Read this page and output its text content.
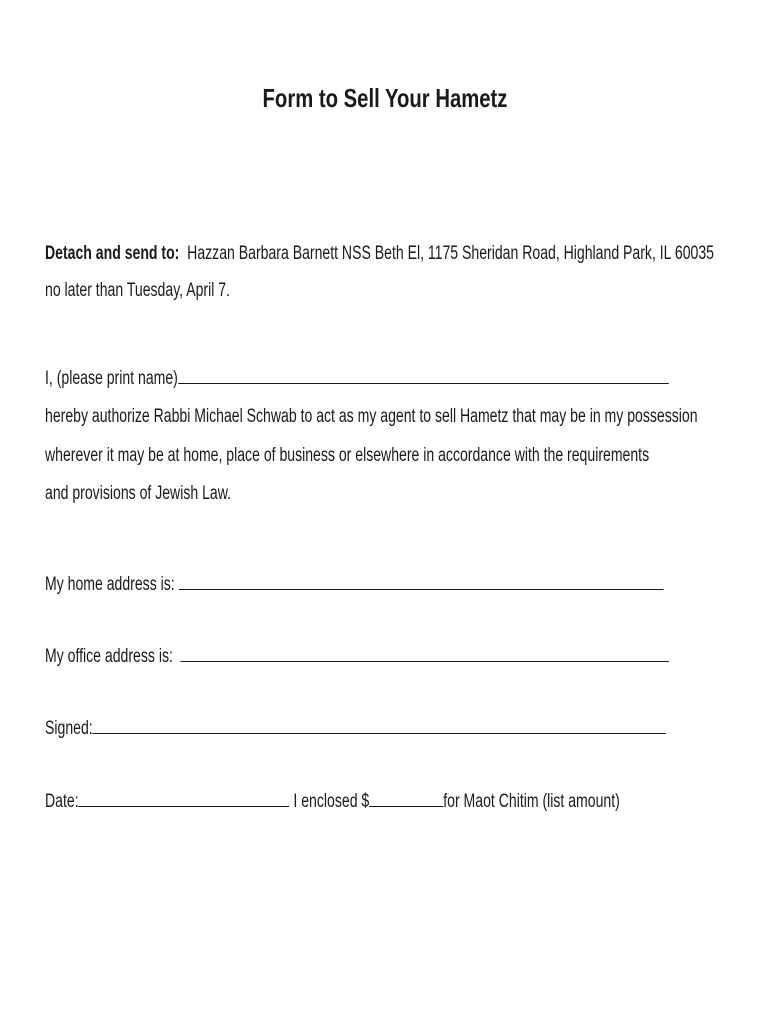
Form to Sell Your Hametz
Detach and send to: Hazzan Barbara Barnett NSS Beth El, 1175 Sheridan Road, Highland Park, IL 60035
no later than Tuesday, April 7.
I, (please print name)
hereby authorize Rabbi Michael Schwab to act as my agent to sell Hametz that may be in my possession
wherever it may be at home, place of business or elsewhere in accordance with the requirements
and provisions of Jewish Law.
My home address is:
My office address is:
Signed:
Date:	I enclosed $	for Maot Chitim (list amount)
